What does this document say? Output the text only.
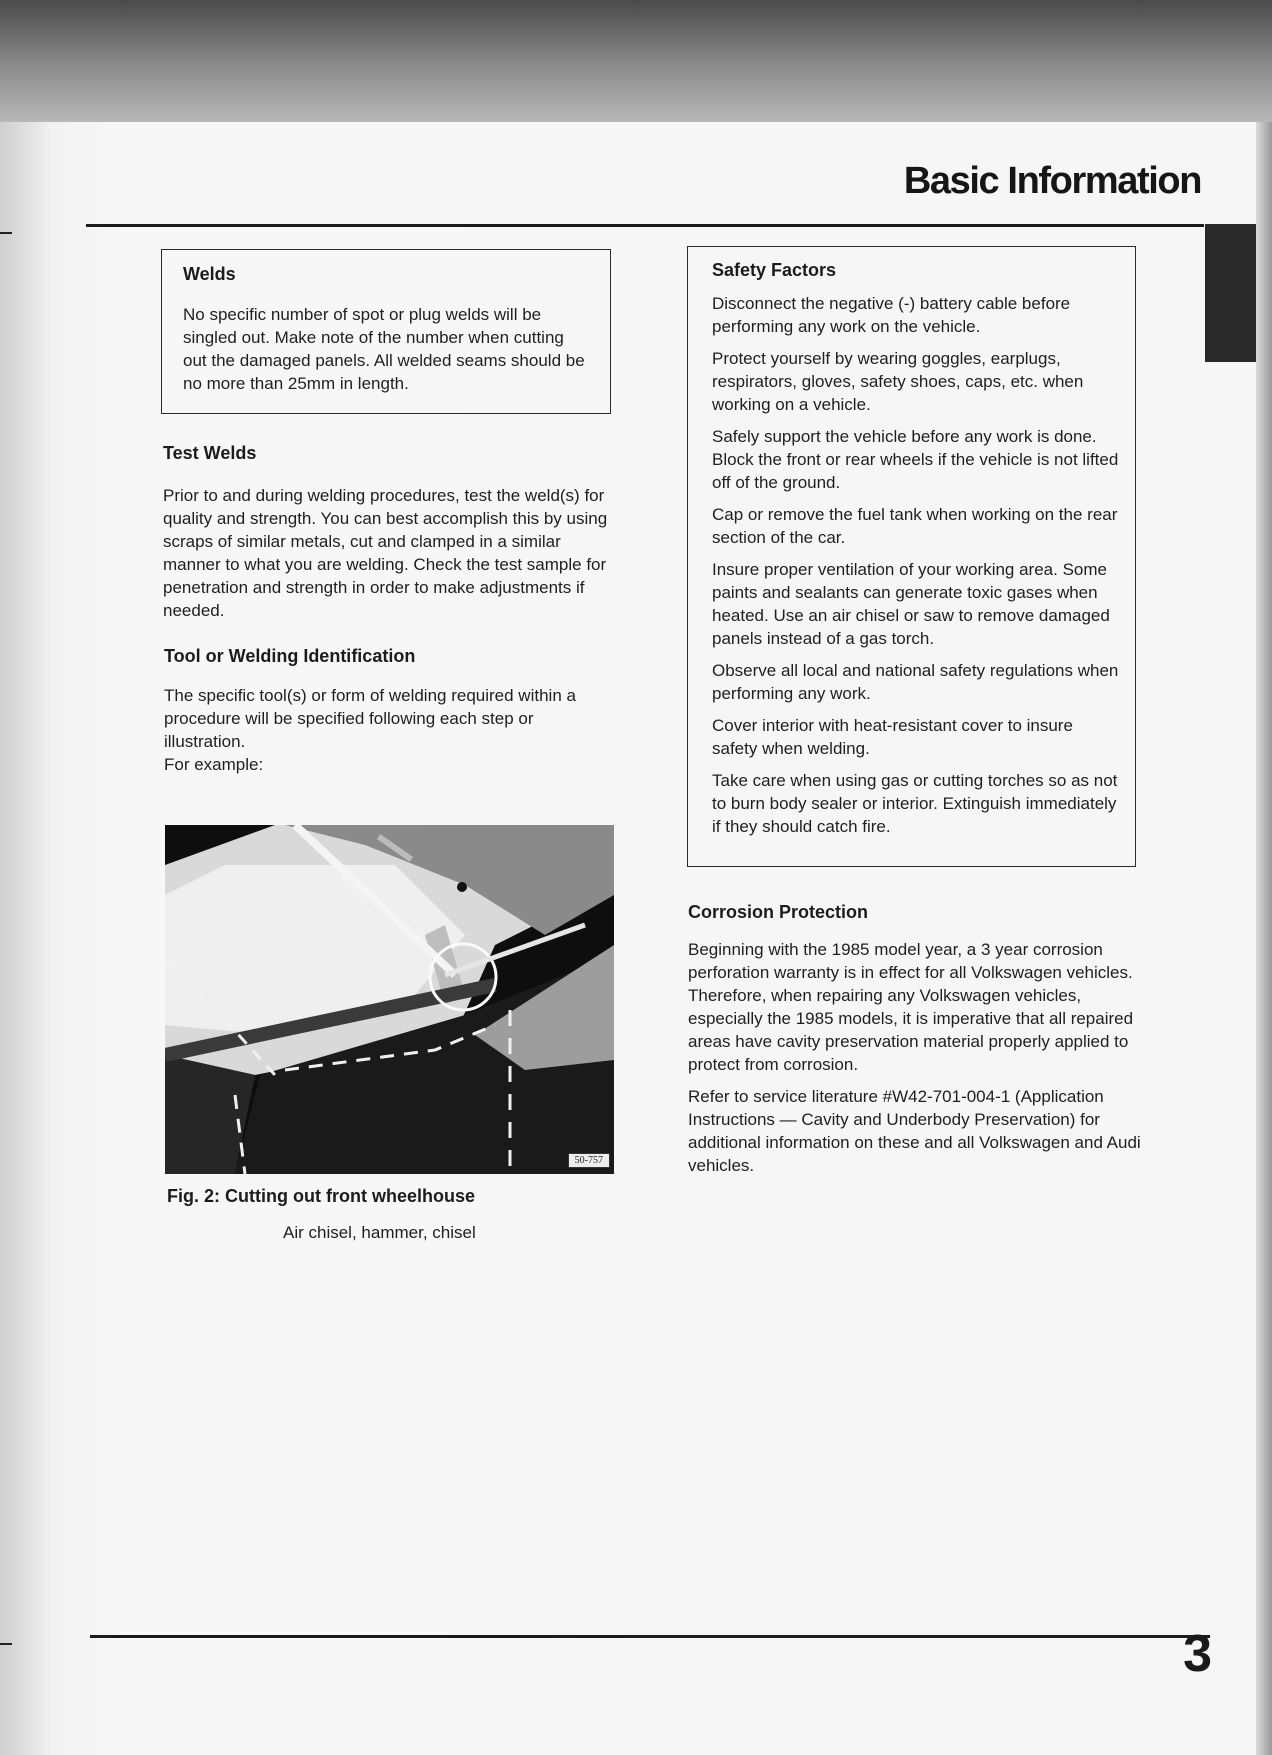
Basic Information
Welds

No specific number of spot or plug welds will be singled out. Make note of the number when cutting out the damaged panels. All welded seams should be no more than 25mm in length.

Test Welds

Prior to and during welding procedures, test the weld(s) for quality and strength. You can best accomplish this by using scraps of similar metals, cut and clamped in a similar manner to what you are welding. Check the test sample for penetration and strength in order to make adjustments if needed.

Tool or Welding Identification

The specific tool(s) or form of welding required within a procedure will be specified following each step or illustration.

For example:
50-757
Fig. 2: Cutting out front wheelhouse
Air chisel, hammer, chisel
Safety Factors

Disconnect the negative (-) battery cable before performing any work on the vehicle.

Protect yourself by wearing goggles, earplugs, respirators, gloves, safety shoes, caps, etc. when working on a vehicle.

Safely support the vehicle before any work is done. Block the front or rear wheels if the vehicle is not lifted off of the ground.

Cap or remove the fuel tank when working on the rear section of the car.

Insure proper ventilation of your working area. Some paints and sealants can generate toxic gases when heated. Use an air chisel or saw to remove damaged panels instead of a gas torch.

Observe all local and national safety regulations when performing any work.

Cover interior with heat-resistant cover to insure safety when welding.

Take care when using gas or cutting torches so as not to burn body sealer or interior. Extinguish immediately if they should catch fire.

Corrosion Protection

Beginning with the 1985 model year, a 3 year corrosion perforation warranty is in effect for all Volkswagen vehicles. Therefore, when repairing any Volkswagen vehicles, especially the 1985 models, it is imperative that all repaired areas have cavity preservation material properly applied to protect from corrosion.

Refer to service literature #W42-701-004-1 (Application Instructions — Cavity and Underbody Preservation) for additional information on these and all Volkswagen and Audi vehicles.

3
